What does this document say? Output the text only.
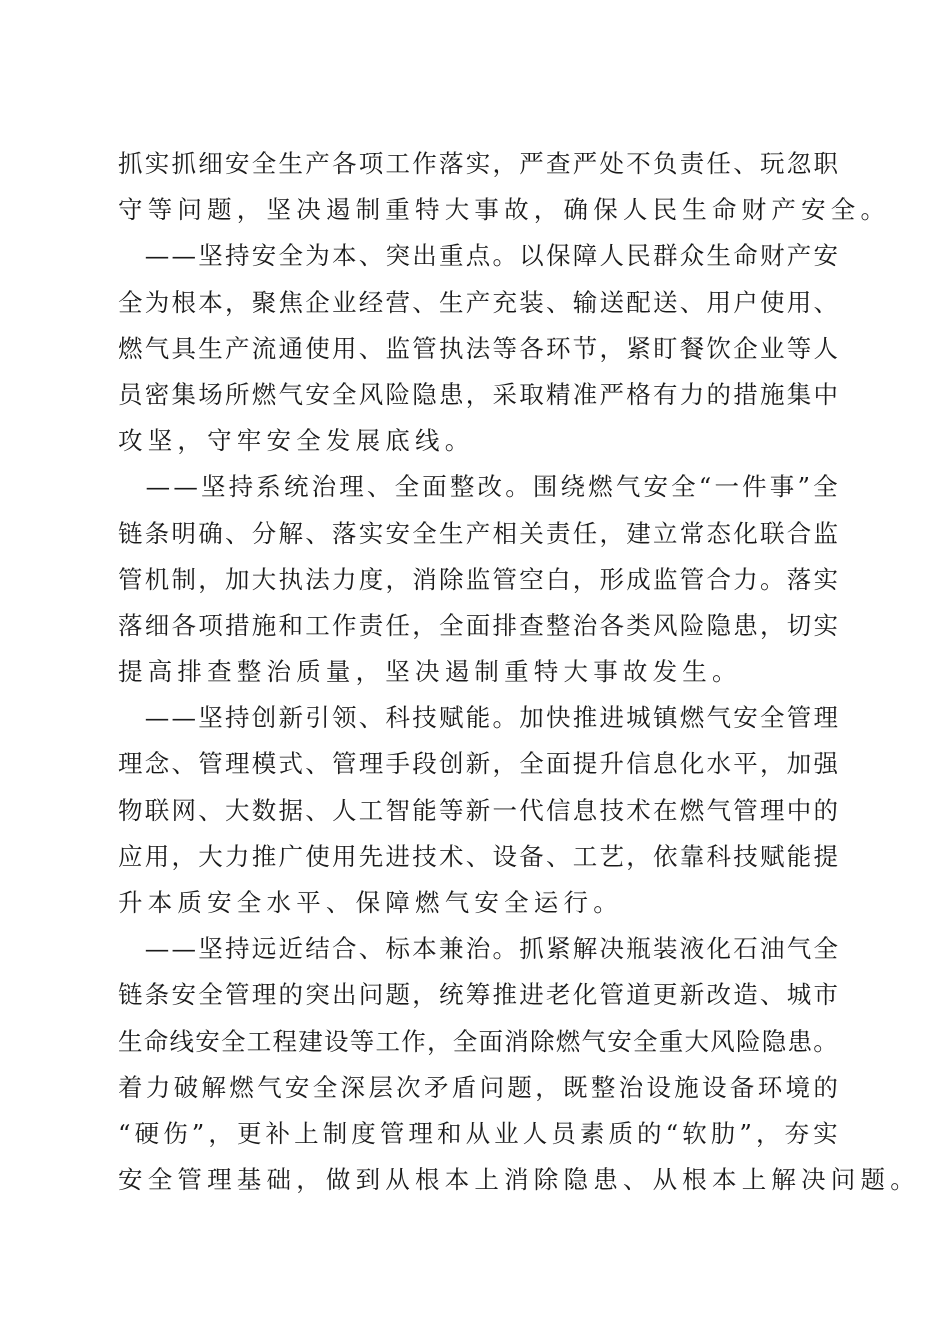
抓 实 抓 细 安 全 生 产 各 项 工 作 落 实 ， 严 查 严 处 不 负 责 任 、 玩 忽 职
守等问题，坚决遏制重特大事故，确保人民生命财产安全。

— — 坚 持 安 全 为 本 、 突 出 重 点 。 以 保 障 人 民 群 众 生 命 财 产 安
全 为 根 本 ， 聚 焦 企 业 经 营 、 生 产 充 装 、 输 送 配 送 、 用 户 使 用 、
燃 气 具 生 产 流 通 使 用 、 监 管 执 法 等 各 环 节 ， 紧 盯 餐 饮 企 业 等 人
员 密 集 场 所 燃 气 安 全 风 险 隐 患 ， 采 取 精 准 严 格 有 力 的 措 施 集 中
攻坚，守牢安全发展底线。

— — 坚 持 系 统 治 理 、 全 面 整 改 。 围 绕 燃 气 安 全 “ 一 件 事 ” 全
链 条 明 确 、 分 解 、 落 实 安 全 生 产 相 关 责 任 ， 建 立 常 态 化 联 合 监
管 机 制 ， 加 大 执 法 力 度 ， 消 除 监 管 空 白 ， 形 成 监 管 合 力 。 落 实
落 细 各 项 措 施 和 工 作 责 任 ， 全 面 排 查 整 治 各 类 风 险 隐 患 ， 切 实
提高排查整治质量，坚决遏制重特大事故发生。

— — 坚 持 创 新 引 领 、 科 技 赋 能 。 加 快 推 进 城 镇 燃 气 安 全 管 理
理 念 、 管 理 模 式 、 管 理 手 段 创 新 ， 全 面 提 升 信 息 化 水 平 ， 加 强
物 联 网 、 大 数 据 、 人 工 智 能 等 新 一 代 信 息 技 术 在 燃 气 管 理 中 的
应 用 ， 大 力 推 广 使 用 先 进 技 术 、 设 备 、 工 艺 ， 依 靠 科 技 赋 能 提
升本质安全水平、保障燃气安全运行。

— — 坚 持 远 近 结 合 、 标 本 兼 治 。 抓 紧 解 决 瓶 装 液 化 石 油 气 全
链 条 安 全 管 理 的 突 出 问 题 ， 统 筹 推 进 老 化 管 道 更 新 改 造 、 城 市
生 命 线 安 全 工 程 建 设 等 工 作 ， 全 面 消 除 燃 气 安 全 重 大 风 险 隐 患 。
着 力 破 解 燃 气 安 全 深 层 次 矛 盾 问 题 ， 既 整 治 设 施 设 备 环 境 的
“ 硬 伤 ” ， 更 补 上 制 度 管 理 和 从 业 人 员 素 质 的 “ 软 肋 ” ， 夯 实
安全管理基础，做到从根本上消除隐患、从根本上解决问题。
